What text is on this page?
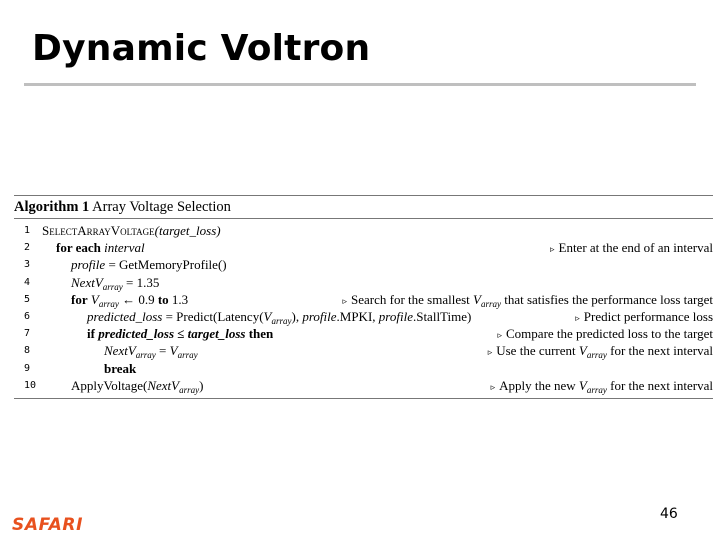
Dynamic Voltron
Algorithm 1 Array Voltage Selection
1 SelectArrayVoltage(target_loss)
2	for each interval	▹ Enter at the end of an interval
3	profile = GetMemoryProfile()
4	NextV$_{array}$ = 1.35
5	for $V_{array}$ ← 0.9 to 1.3	▹ Search for the smallest $V_{array}$ that satisfies the performance loss target
6	predicted_loss = $Predict(Latency(V_{array})$, profile.MPKI, profile.StallTime)	▹ Predict performance loss
7	if predicted_loss ≤ target_loss then	▹ Compare the predicted loss to the target
8	NextV$_{array}$ = $V_{array}$	▹ Use the current $V_{array}$ for the next interval
9	break
10	ApplyVoltage(NextV$_{array}$)	▹ Apply the new $V_{array}$ for the next interval
SAFARI
46
